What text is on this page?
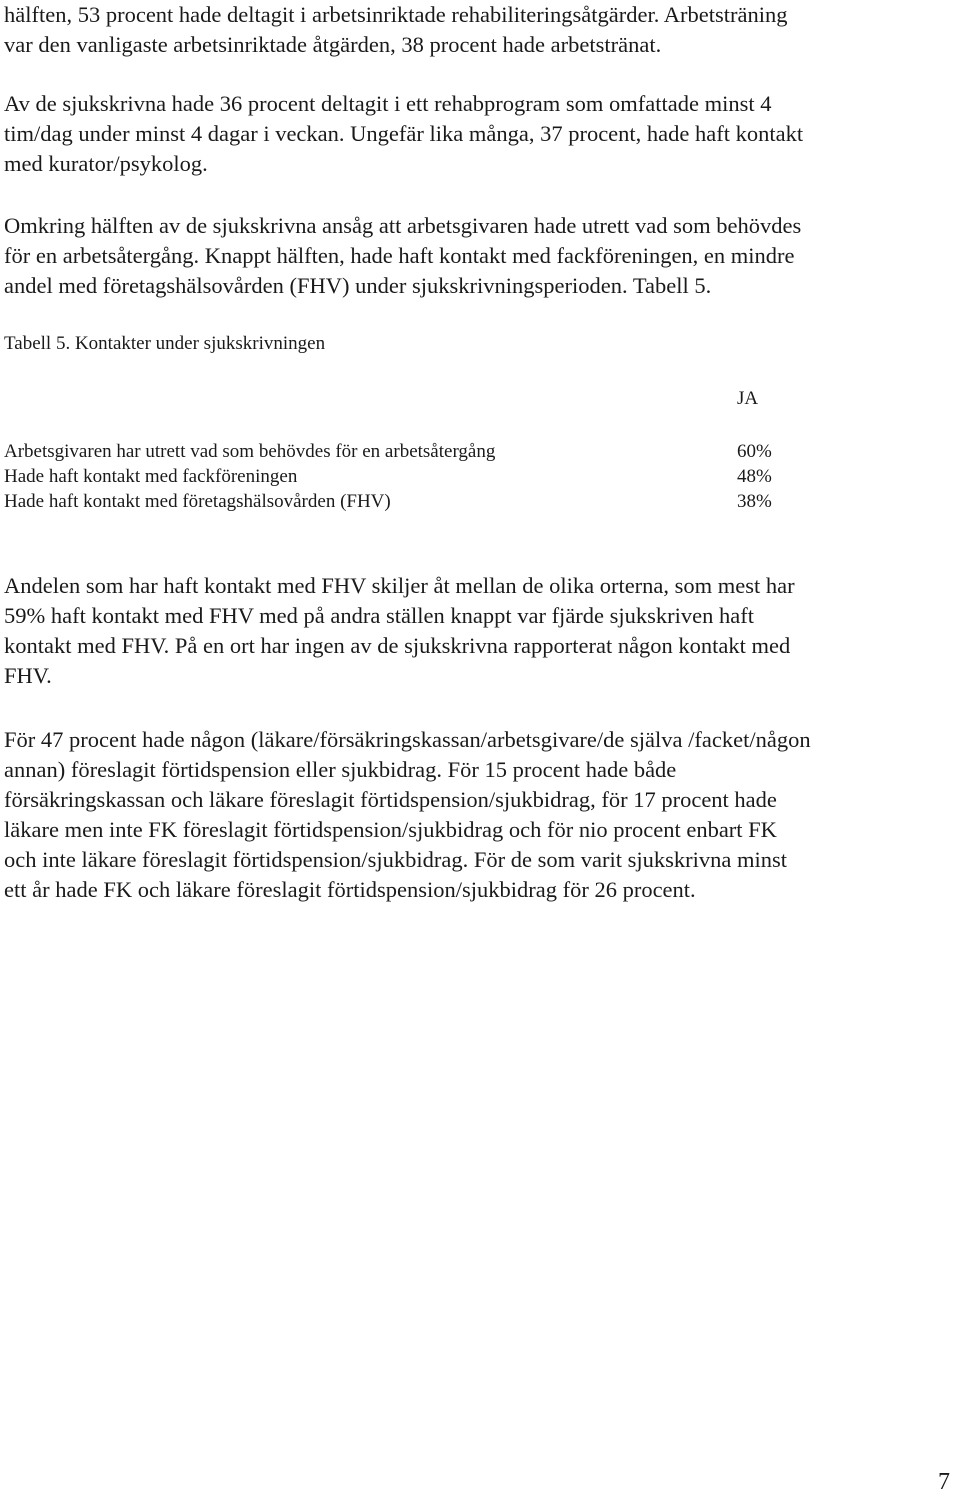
hälften, 53 procent hade deltagit i arbetsinriktade rehabiliteringsåtgärder. Arbetsträning
var den vanligaste arbetsinriktade åtgärden, 38 procent hade arbetstränat.
Av de sjukskrivna hade 36 procent deltagit i ett rehabprogram som omfattade minst 4
tim/dag under minst 4 dagar i veckan. Ungefär lika många, 37 procent, hade haft kontakt
med kurator/psykolog.
Omkring hälften av de sjukskrivna ansåg att arbetsgivaren hade utrett vad som behövdes
för en arbetsåtergång. Knappt hälften, hade haft kontakt med fackföreningen, en mindre
andel med företagshälsovården (FHV) under sjukskrivningsperioden. Tabell 5.

Tabell 5. Kontakter under sjukskrivningen

JA
Arbetsgivaren har utrett vad som behövdes för en arbetsåtergång	60%
Hade haft kontakt med fackföreningen	48%
Hade haft kontakt med företagshälsovården (FHV)	38%
Andelen som har haft kontakt med FHV skiljer åt mellan de olika orterna, som mest har
59% haft kontakt med FHV med på andra ställen knappt var fjärde sjukskriven haft
kontakt med FHV. På en ort har ingen av de sjukskrivna rapporterat någon kontakt med
FHV.
För 47 procent hade någon (läkare/försäkringskassan/arbetsgivare/de själva /facket/någon
annan) föreslagit förtidspension eller sjukbidrag. För 15 procent hade både
försäkringskassan och läkare föreslagit förtidspension/sjukbidrag, för 17 procent hade
läkare men inte FK föreslagit förtidspension/sjukbidrag och för nio procent enbart FK
och inte läkare föreslagit förtidspension/sjukbidrag. För de som varit sjukskrivna minst
ett år hade FK och läkare föreslagit förtidspension/sjukbidrag för 26 procent.
7
